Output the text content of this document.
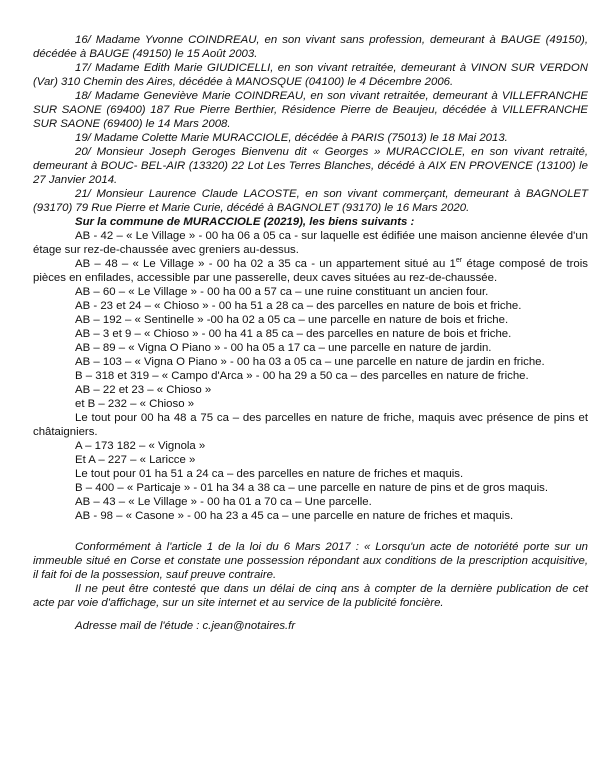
16/ Madame Yvonne COINDREAU, en son vivant sans profession, demeurant à BAUGE (49150), décédée à BAUGE (49150) le 15 Août 2003.

17/ Madame Edith Marie GIUDICELLI, en son vivant retraitée, demeurant à VINON SUR VERDON (Var) 310 Chemin des Aires, décédée à MANOSQUE (04100) le 4 Décembre 2006.

18/ Madame Geneviève Marie COINDREAU, en son vivant retraitée, demeurant à VILLEFRANCHE SUR SAONE (69400) 187 Rue Pierre Berthier, Résidence Pierre de Beaujeu, décédée à VILLEFRANCHE SUR SAONE (69400) le 14 Mars 2008.

19/ Madame Colette Marie MURACCIOLE, décédée à PARIS (75013) le 18 Mai 2013.

20/ Monsieur Joseph Geroges Bienvenu dit « Georges » MURACCIOLE, en son vivant retraité, demeurant à BOUC- BEL-AIR (13320) 22 Lot Les Terres Blanches, décédé à AIX EN PROVENCE (13100) le 27 Janvier 2014.

21/ Monsieur Laurence Claude LACOSTE, en son vivant commerçant, demeurant à BAGNOLET (93170) 79 Rue Pierre et Marie Curie, décédé à BAGNOLET (93170) le 16 Mars 2020.

Sur la commune de MURACCIOLE (20219), les biens suivants :

AB - 42 – « Le Village » - 00 ha 06 a 05 ca - sur laquelle est édifiée une maison ancienne élevée d'un étage sur rez-de-chaussée avec greniers au-dessus.

AB – 48 – « Le Village » - 00 ha 02 a 35 ca - un appartement situé au 1er étage composé de trois pièces en enfilades, accessible par une passerelle, deux caves situées au rez-de-chaussée.

AB – 60 – « Le Village » - 00 ha 00 a 57 ca – une ruine constituant un ancien four.

AB - 23 et 24 – « Chioso » - 00 ha 51 a 28 ca – des parcelles en nature de bois et friche.

AB – 192 – « Sentinelle » -00 ha 02 a 05 ca – une parcelle en nature de bois et friche.

AB – 3 et 9 – « Chioso » - 00 ha 41 a 85 ca – des parcelles en nature de bois et friche.

AB – 89 – « Vigna O Piano » - 00 ha 05 a 17 ca – une parcelle en nature de jardin.

AB – 103 – « Vigna O Piano » - 00 ha 03 a 05 ca – une parcelle en nature de jardin en friche.

B – 318 et 319 – « Campo d'Arca » - 00 ha 29 a 50 ca – des parcelles en nature de friche.

AB – 22 et 23 – « Chioso »

et B – 232 – « Chioso »

Le tout pour 00 ha 48 a 75 ca – des parcelles en nature de friche, maquis avec présence de pins et châtaigniers.

A – 173 182 – « Vignola »

Et A – 227 – « Laricce »

Le tout pour 01 ha 51 a 24 ca – des parcelles en nature de friches et maquis.

B – 400 – « Particaje » - 01 ha 34 a 38 ca – une parcelle en nature de pins et de gros maquis.

AB – 43 – « Le Village » - 00 ha 01 a 70 ca – Une parcelle.

AB - 98 – « Casone » - 00 ha 23 a 45 ca – une parcelle en nature de friches et maquis.

Conformément à l'article 1 de la loi du 6 Mars 2017 : « Lorsqu'un acte de notoriété porte sur un immeuble situé en Corse et constate une possession répondant aux conditions de la prescription acquisitive, il fait foi de la possession, sauf preuve contraire.

Il ne peut être contesté que dans un délai de cinq ans à compter de la dernière publication de cet acte par voie d'affichage, sur un site internet et au service de la publicité foncière.

Adresse mail de l'étude : c.jean@notaires.fr
